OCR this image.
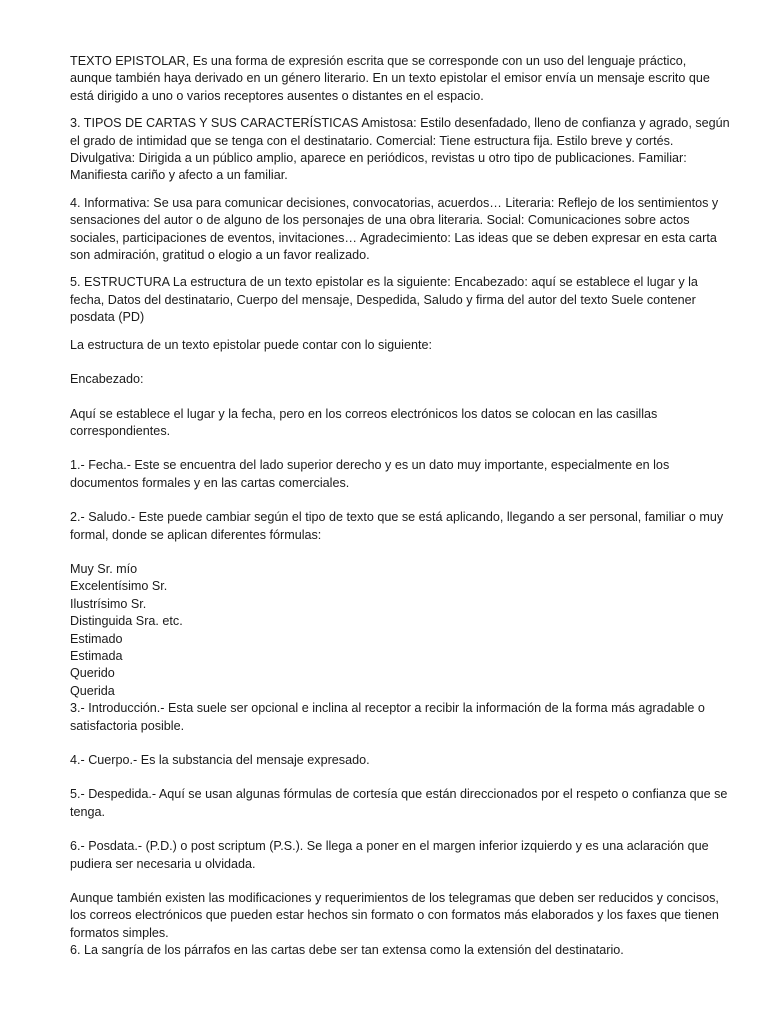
TEXTO EPISTOLAR, Es una forma de expresión escrita que se corresponde con un uso del lenguaje práctico, aunque también haya derivado en un género literario. En un texto epistolar el emisor envía un mensaje escrito que está dirigido a uno o varios receptores ausentes o distantes en el espacio.

3. TIPOS DE CARTAS Y SUS CARACTERÍSTICAS Amistosa: Estilo desenfadado, lleno de confianza y agrado, según el grado de intimidad que se tenga con el destinatario. Comercial: Tiene estructura fija. Estilo breve y cortés. Divulgativa: Dirigida a un público amplio, aparece en periódicos, revistas u otro tipo de publicaciones. Familiar: Manifiesta cariño y afecto a un familiar.

4. Informativa: Se usa para comunicar decisiones, convocatorias, acuerdos… Literaria: Reflejo de los sentimientos y sensaciones del autor o de alguno de los personajes de una obra literaria. Social: Comunicaciones sobre actos sociales, participaciones de eventos, invitaciones… Agradecimiento: Las ideas que se deben expresar en esta carta son admiración, gratitud o elogio a un favor realizado.

5. ESTRUCTURA La estructura de un texto epistolar es la siguiente: Encabezado: aquí se establece el lugar y la fecha, Datos del destinatario, Cuerpo del mensaje, Despedida, Saludo y firma del autor del texto Suele contener posdata (PD)

La estructura de un texto epistolar puede contar con lo siguiente:

Encabezado:

Aquí se establece el lugar y la fecha, pero en los correos electrónicos los datos se colocan en las casillas correspondientes.

1.- Fecha.- Este se encuentra del lado superior derecho y es un dato muy importante, especialmente en los documentos formales y en las cartas comerciales.

2.- Saludo.- Este puede cambiar según el tipo de texto que se está aplicando, llegando a ser personal, familiar o muy formal, donde se aplican diferentes fórmulas:

Muy Sr. mío

Excelentísimo Sr.

Ilustrísimo Sr.

Distinguida Sra. etc.

Estimado

Estimada

Querido

Querida

3.- Introducción.- Esta suele ser opcional e inclina al receptor a recibir la información de la forma más agradable o satisfactoria posible.

4.- Cuerpo.- Es la substancia del mensaje expresado.

5.- Despedida.- Aquí se usan algunas fórmulas de cortesía que están direccionados por el respeto o confianza que se tenga.

6.- Posdata.- (P.D.) o post scriptum (P.S.). Se llega a poner en el margen inferior izquierdo y es una aclaración que pudiera ser necesaria u olvidada.

Aunque también existen las modificaciones y requerimientos de los telegramas que deben ser reducidos y concisos, los correos electrónicos que pueden estar hechos sin formato o con formatos más elaborados y los faxes que tienen formatos simples.

6. La sangría de los párrafos en las cartas debe ser tan extensa como la extensión del destinatario.
